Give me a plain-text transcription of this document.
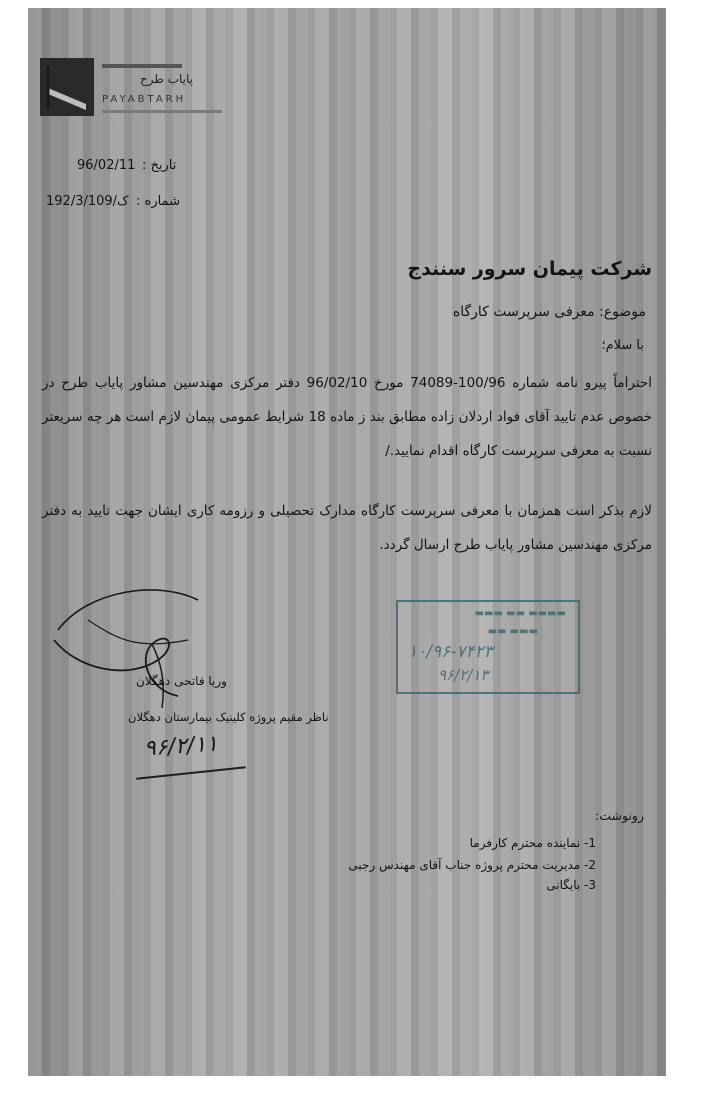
پایاب طرح
PAYABTARH
تاریخ :
96/02/11
شماره :
192/3/ک/109
شرکت پیمان سرور سنندج
موضوع: معرفی سرپرست کارگاه
با سلام؛
احتراماً پیرو نامه شماره 100/96-74089 مورخ 96/02/10 دفتر مرکزی مهندسین مشاور پایاب طرح در خصوص عدم تایید آقای فواد اردلان زاده مطابق بند ز ماده 18 شرایط عمومی پیمان لازم است هر چه سریعتر نسبت به معرفی سرپرست کارگاه اقدام نمایید./
لازم بذکر است همزمان با معرفی سرپرست کارگاه مدارک تحصیلی و رزومه کاری ایشان جهت تایید به دفتر مرکزی مهندسین مشاور پایاب طرح ارسال گردد.
وریا فاتحی دهگلان
ناظر مقیم پروژه کلینیک بیمارستان دهگلان
۹۶/۲/۱۱
▬▬▬ ▬▬ ▬▬▬▬
▬▬ ▬▬▬
۱۰/۹۶-۷۴۲۳
۹۶/۲/۱۳
رونوشت:
1- نماینده محترم کارفرما
2- مدیریت محترم پروژه جناب آقای مهندس رجبی
3- بایگانی
